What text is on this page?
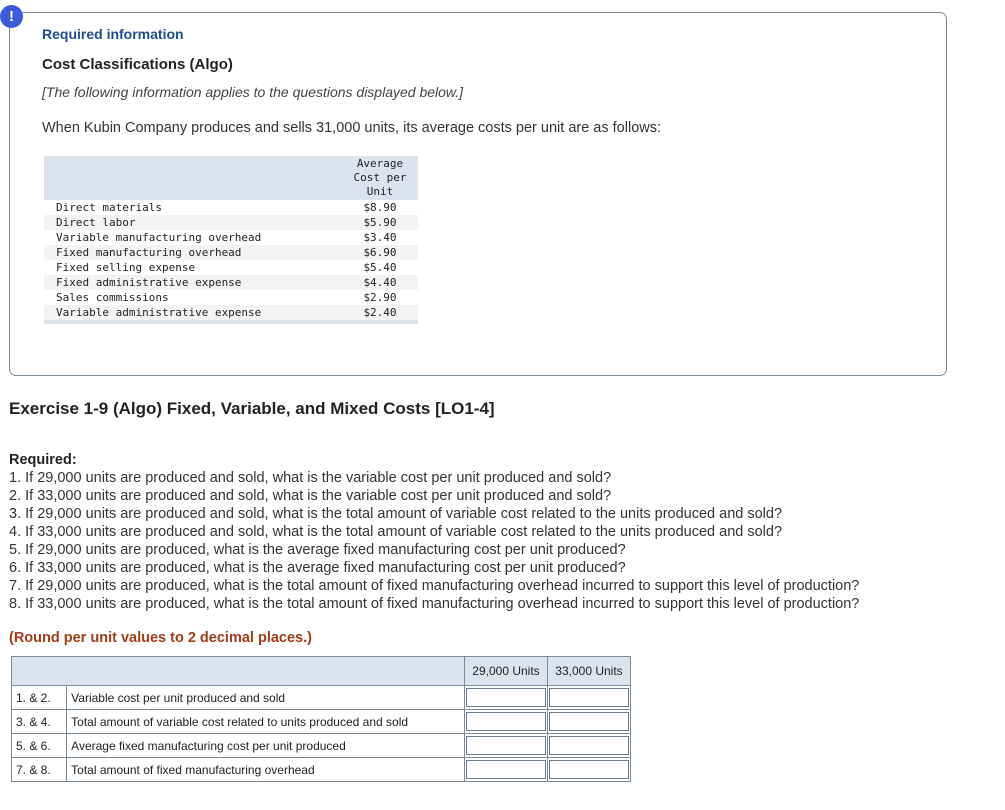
!
Required information
Cost Classifications (Algo)
[The following information applies to the questions displayed below.]
When Kubin Company produces and sells 31,000 units, its average costs per unit are as follows:

	Average
Cost per
Unit

Direct materials	$8.90
Direct labor	$5.90
Variable manufacturing overhead	$3.40
Fixed manufacturing overhead	$6.90
Fixed selling expense	$5.40
Fixed administrative expense	$4.40
Sales commissions	$2.90
Variable administrative expense	$2.40
Exercise 1-9 (Algo) Fixed, Variable, and Mixed Costs [LO1-4]
Required:
1. If 29,000 units are produced and sold, what is the variable cost per unit produced and sold?
2. If 33,000 units are produced and sold, what is the variable cost per unit produced and sold?
3. If 29,000 units are produced and sold, what is the total amount of variable cost related to the units produced and sold?
4. If 33,000 units are produced and sold, what is the total amount of variable cost related to the units produced and sold?
5. If 29,000 units are produced, what is the average fixed manufacturing cost per unit produced?
6. If 33,000 units are produced, what is the average fixed manufacturing cost per unit produced?
7. If 29,000 units are produced, what is the total amount of fixed manufacturing overhead incurred to support this level of production?
8. If 33,000 units are produced, what is the total amount of fixed manufacturing overhead incurred to support this level of production?
(Round per unit values to 2 decimal places.)
		29,000 Units	33,000 Units
1. & 2.	Variable cost per unit produced and sold		
3. & 4.	Total amount of variable cost related to units produced and sold		
5. & 6.	Average fixed manufacturing cost per unit produced		
7. & 8.	Total amount of fixed manufacturing overhead		
